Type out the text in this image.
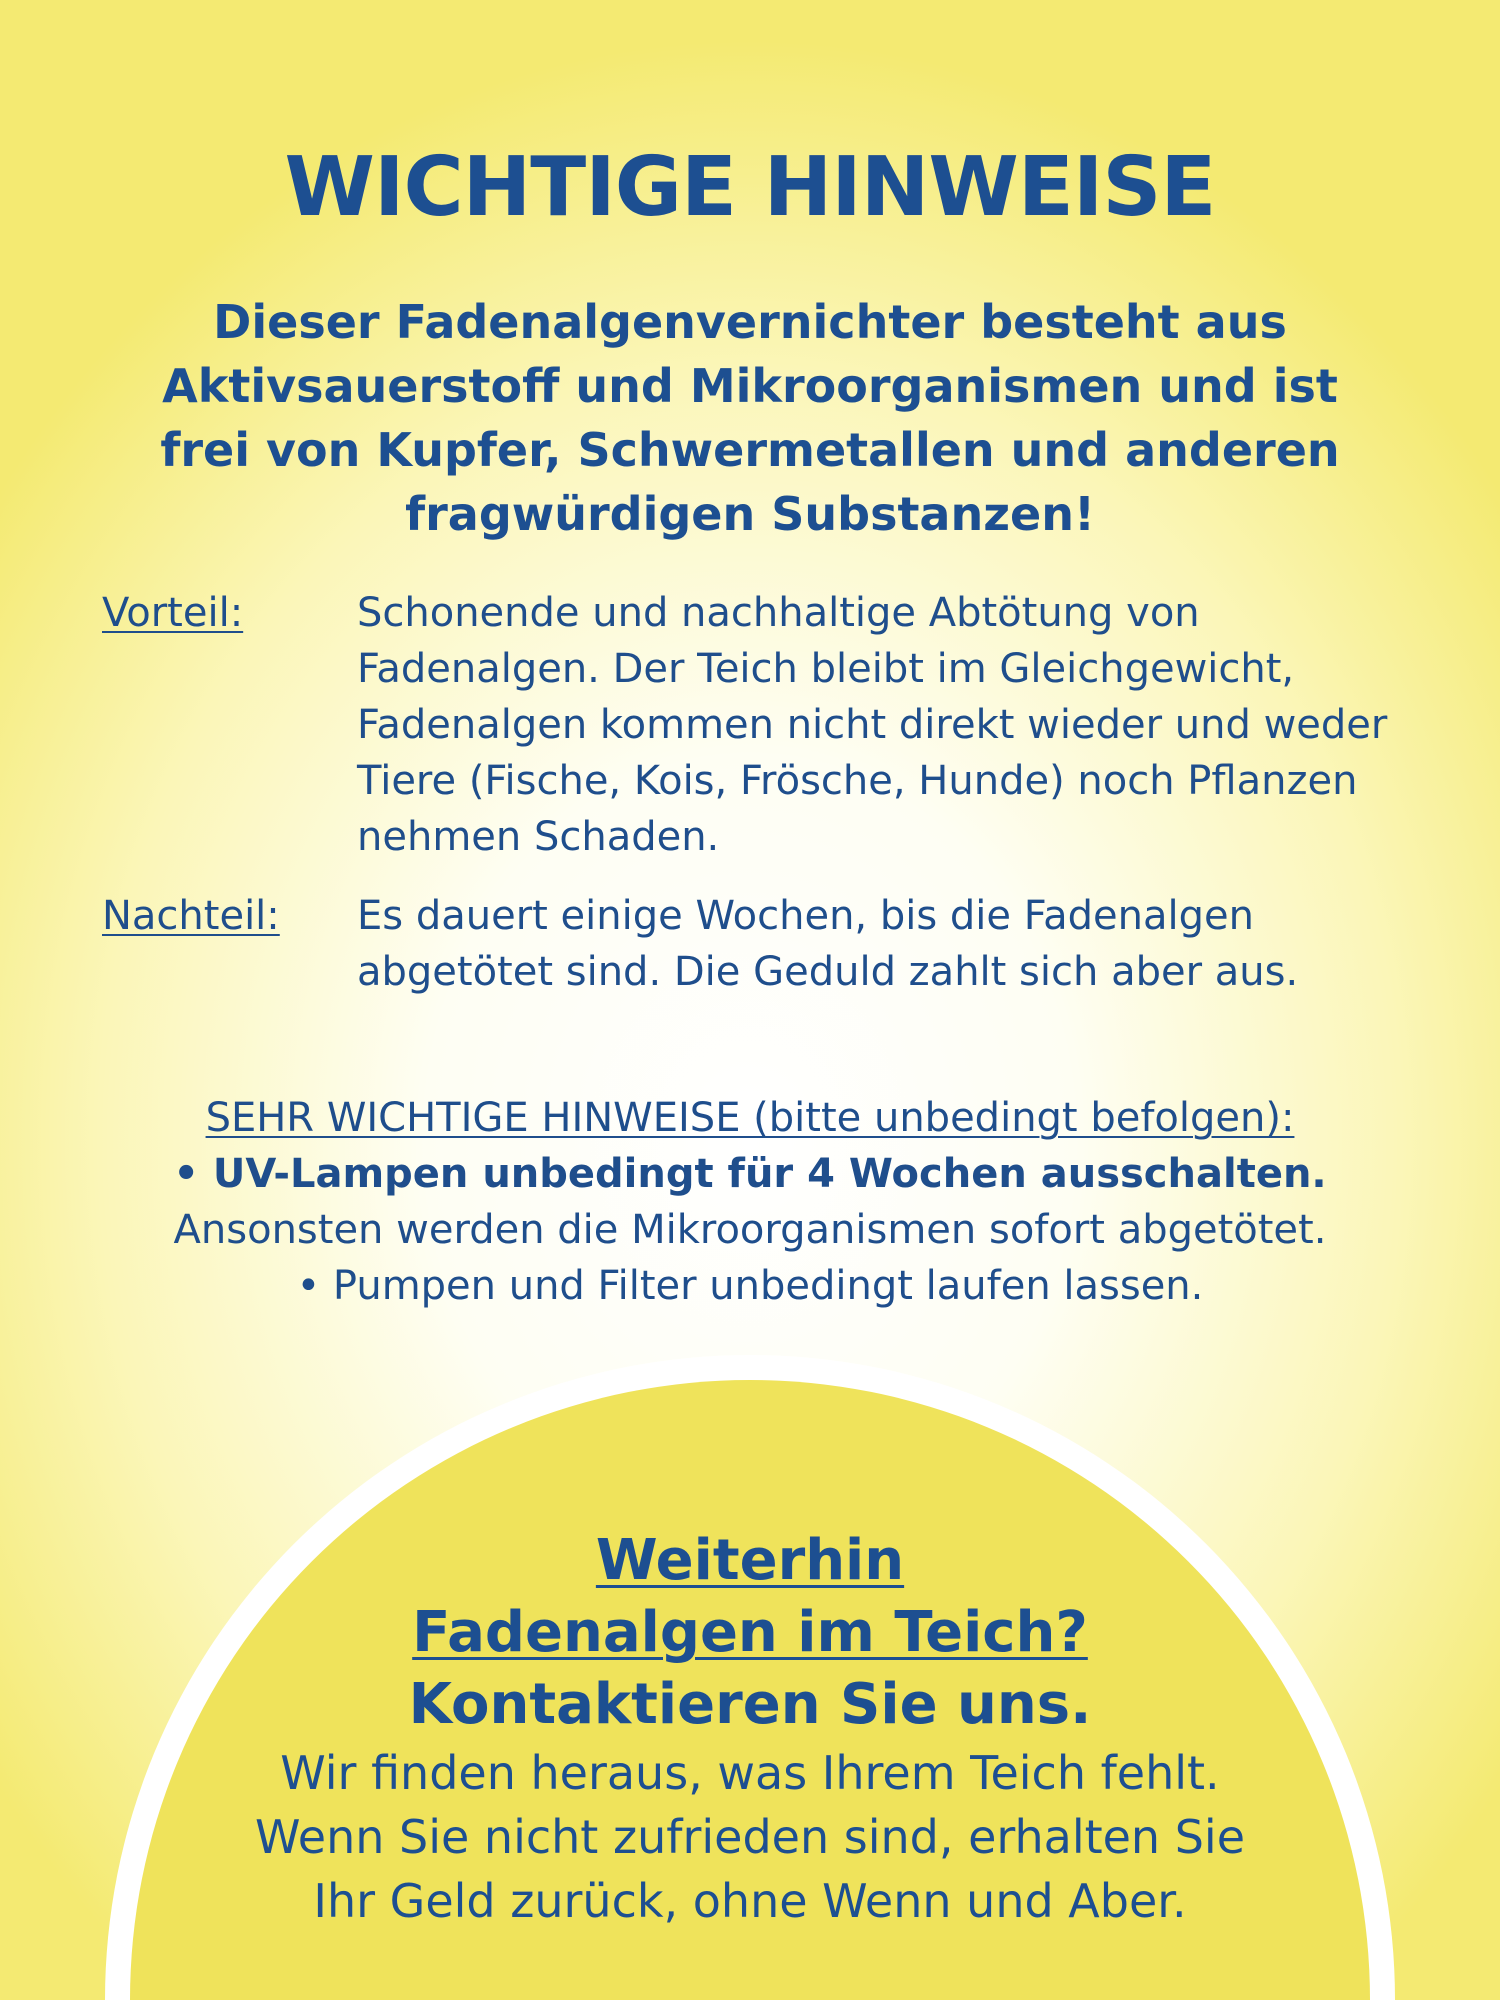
WICHTIGE HINWEISE
Dieser Fadenalgenvernichter besteht aus Aktivsauerstoff und Mikroorganismen und ist frei von Kupfer, Schwermetallen und anderen fragwürdigen Substanzen!
Vorteil:	Schonende und nachhaltige Abtötung von Fadenalgen. Der Teich bleibt im Gleichgewicht, Fadenalgen kommen nicht direkt wieder und weder Tiere (Fische, Kois, Frösche, Hunde) noch Pflanzen nehmen Schaden.
Nachteil:	Es dauert einige Wochen, bis die Fadenalgen abgetötet sind. Die Geduld zahlt sich aber aus.
SEHR WICHTIGE HINWEISE (bitte unbedingt befolgen):
• UV-Lampen unbedingt für 4 Wochen ausschalten.
Ansonsten werden die Mikroorganismen sofort abgetötet.
• Pumpen und Filter unbedingt laufen lassen.
Weiterhin
Fadenalgen im Teich?
Kontaktieren Sie uns.
Wir finden heraus, was Ihrem Teich fehlt.
Wenn Sie nicht zufrieden sind, erhalten Sie
Ihr Geld zurück, ohne Wenn und Aber.
